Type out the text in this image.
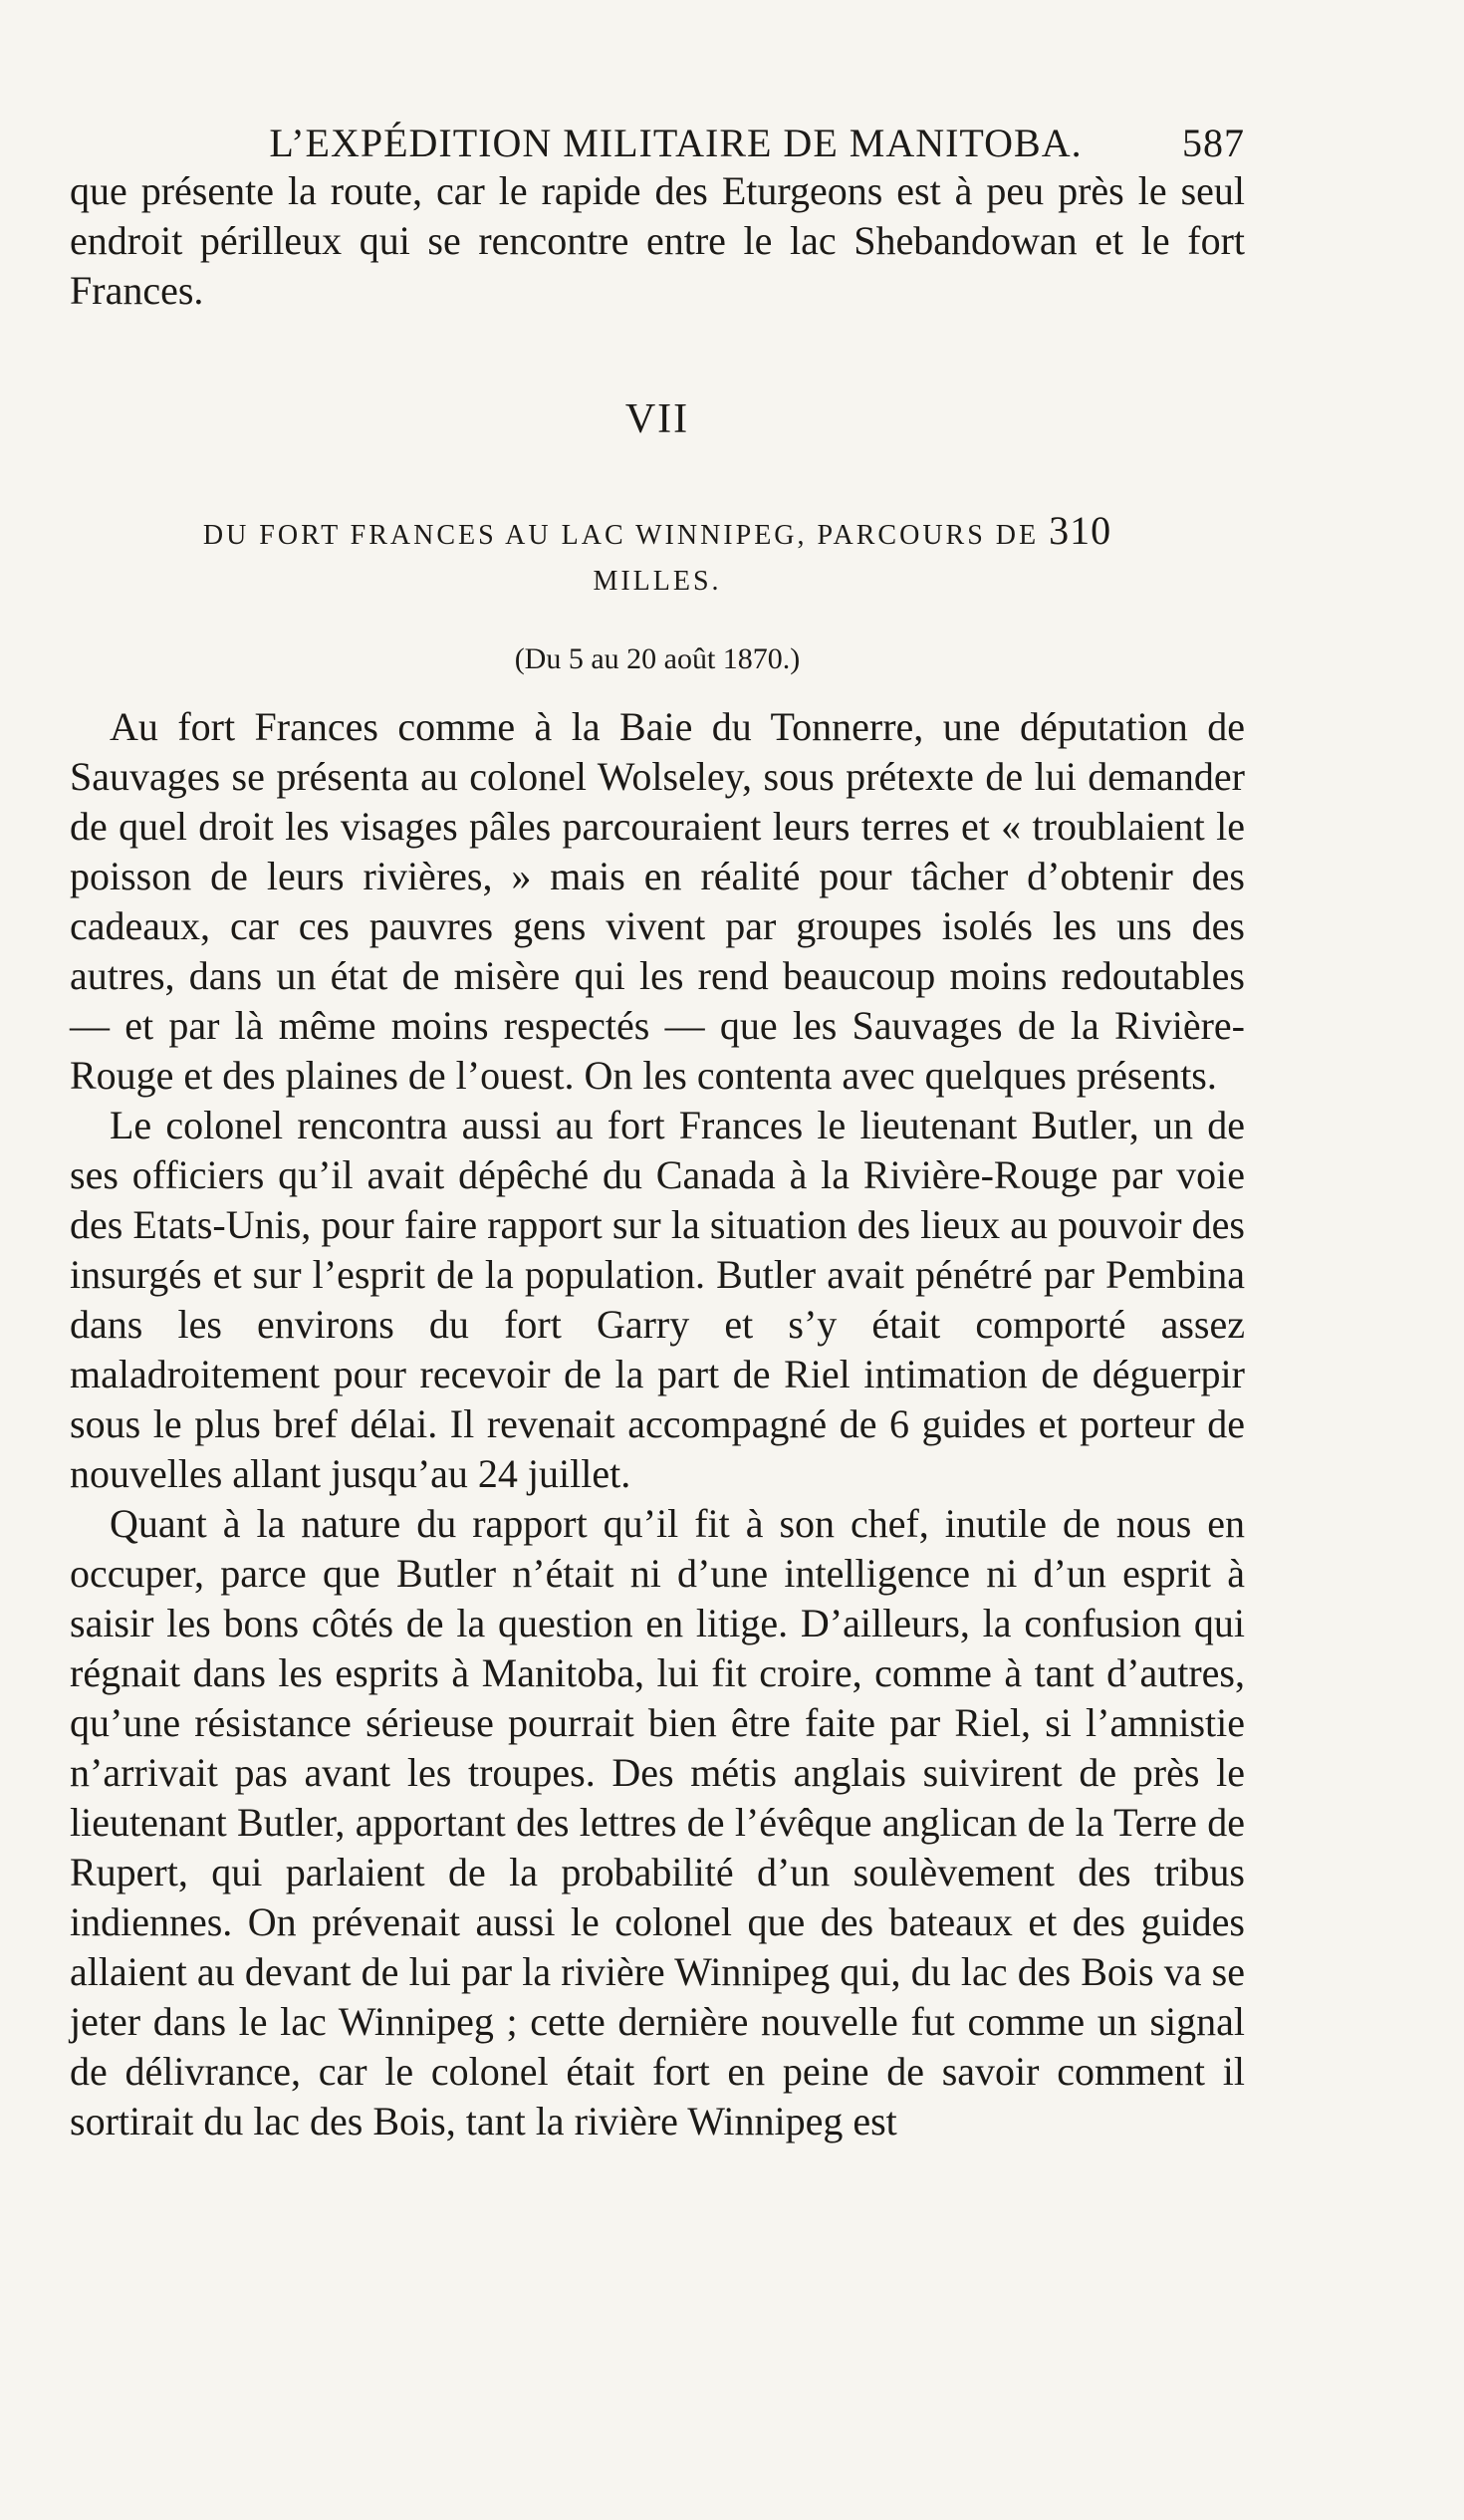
L’EXPÉDITION MILITAIRE DE MANITOBA.	587

que présente la route, car le rapide des Eturgeons est à peu près le seul endroit périlleux qui se rencontre entre le lac Shebandowan et le fort Frances.

VII
DU FORT FRANCES AU LAC WINNIPEG, PARCOURS DE 310
MILLES.
(Du 5 au 20 août 1870.)

Au fort Frances comme à la Baie du Tonnerre, une députation de Sauvages se présenta au colonel Wolseley, sous prétexte de lui demander de quel droit les visages pâles parcouraient leurs terres et « troublaient le poisson de leurs rivières, » mais en réalité pour tâcher d’obtenir des cadeaux, car ces pauvres gens vivent par groupes isolés les uns des autres, dans un état de misère qui les rend beaucoup moins redoutables — et par là même moins respectés — que les Sauvages de la Rivière-Rouge et des plaines de l’ouest. On les contenta avec quelques présents.

Le colonel rencontra aussi au fort Frances le lieutenant Butler, un de ses officiers qu’il avait dépêché du Canada à la Rivière-Rouge par voie des Etats-Unis, pour faire rapport sur la situation des lieux au pouvoir des insurgés et sur l’esprit de la population. Butler avait pénétré par Pembina dans les environs du fort Garry et s’y était comporté assez maladroitement pour recevoir de la part de Riel intimation de déguerpir sous le plus bref délai. Il revenait accompagné de 6 guides et porteur de nouvelles allant jusqu’au 24 juillet.

Quant à la nature du rapport qu’il fit à son chef, inutile de nous en occuper, parce que Butler n’était ni d’une intelligence ni d’un esprit à saisir les bons côtés de la question en litige. D’ailleurs, la confusion qui régnait dans les esprits à Manitoba, lui fit croire, comme à tant d’autres, qu’une résistance sérieuse pourrait bien être faite par Riel, si l’amnistie n’arrivait pas avant les troupes. Des métis anglais suivirent de près le lieutenant Butler, apportant des lettres de l’évêque anglican de la Terre de Rupert, qui parlaient de la probabilité d’un soulèvement des tribus indiennes. On prévenait aussi le colonel que des bateaux et des guides allaient au devant de lui par la rivière Winnipeg qui, du lac des Bois va se jeter dans le lac Winnipeg ; cette dernière nouvelle fut comme un signal de délivrance, car le colonel était fort en peine de savoir comment il sortirait du lac des Bois, tant la rivière Winnipeg est
